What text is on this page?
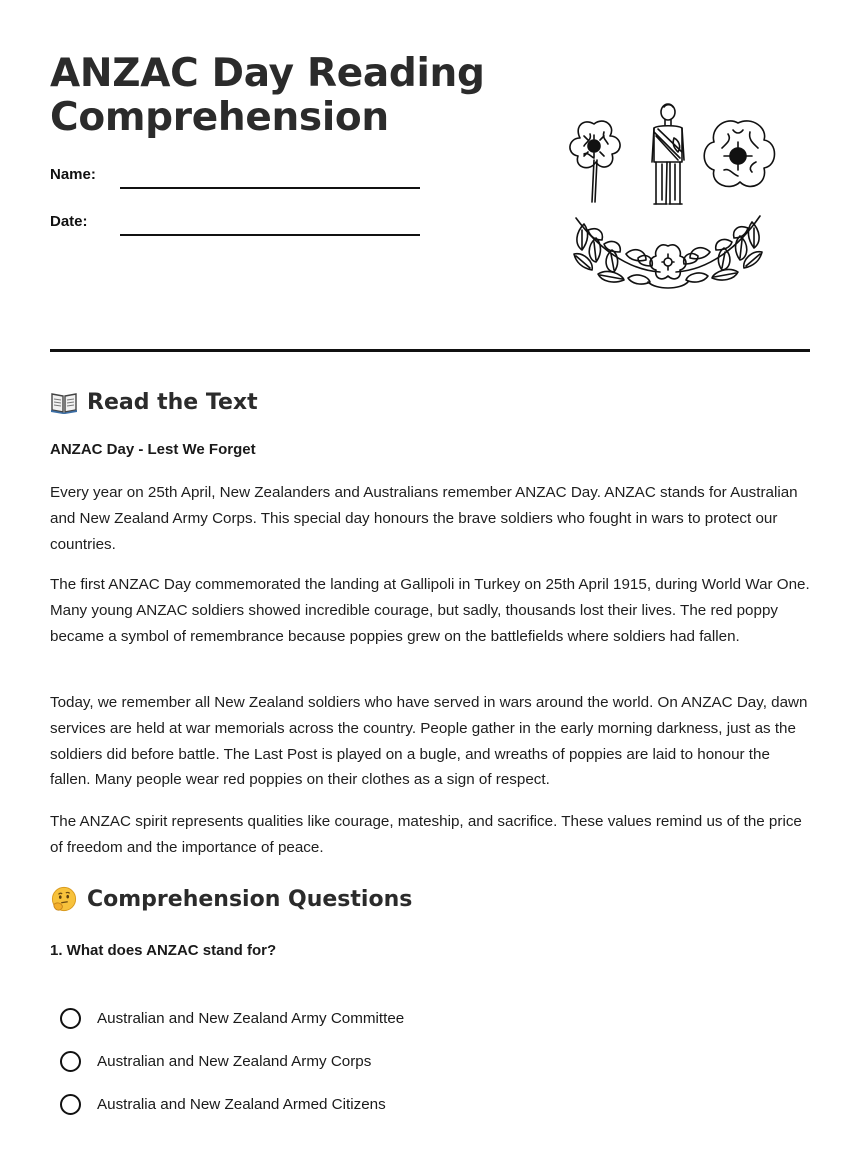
ANZAC Day Reading
Comprehension
Name:
Date:
Read the Text
ANZAC Day - Lest We Forget

Every year on 25th April, New Zealanders and Australians remember ANZAC Day. ANZAC stands for Australian and New Zealand Army Corps. This special day honours the brave soldiers who fought in wars to protect our countries.

The first ANZAC Day commemorated the landing at Gallipoli in Turkey on 25th April 1915, during World War One. Many young ANZAC soldiers showed incredible courage, but sadly, thousands lost their lives. The red poppy became a symbol of remembrance because poppies grew on the battlefields where soldiers had fallen.

Today, we remember all New Zealand soldiers who have served in wars around the world. On ANZAC Day, dawn services are held at war memorials across the country. People gather in the early morning darkness, just as the soldiers did before battle. The Last Post is played on a bugle, and wreaths of poppies are laid to honour the fallen. Many people wear red poppies on their clothes as a sign of respect.

The ANZAC spirit represents qualities like courage, mateship, and sacrifice. These values remind us of the price of freedom and the importance of peace.

Comprehension Questions
1. What does ANZAC stand for?
Australian and New Zealand Army Committee
Australian and New Zealand Army Corps
Australia and New Zealand Armed Citizens
